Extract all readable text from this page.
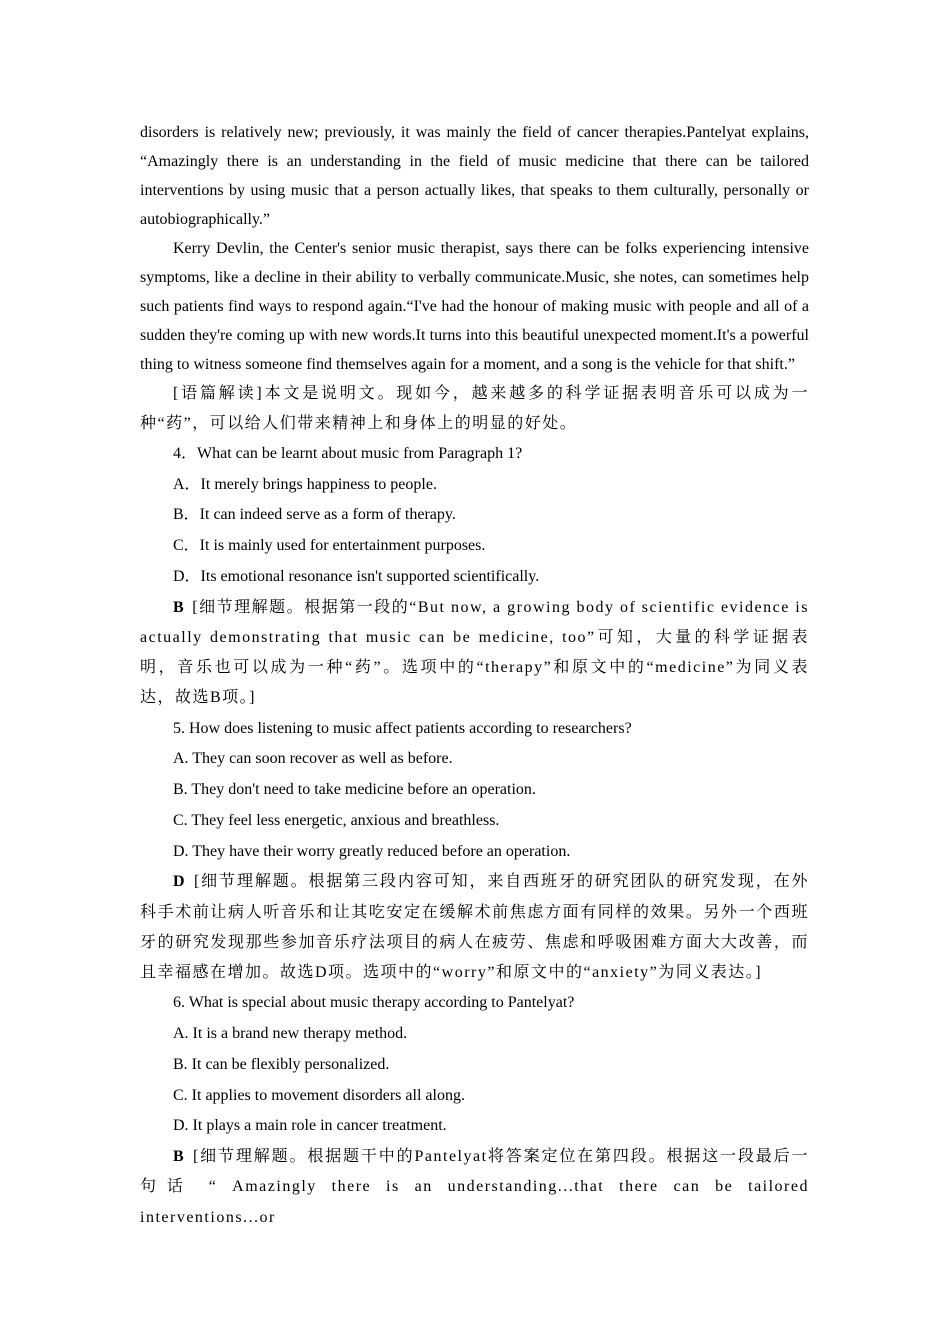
disorders is relatively new; previously, it was mainly the field of cancer therapies.Pantelyat explains, “Amazingly there is an understanding in the field of music medicine that there can be tailored interventions by using music that a person actually likes, that speaks to them culturally, personally or autobiographically.”

Kerry Devlin, the Center's senior music therapist, says there can be folks experiencing intensive symptoms, like a decline in their ability to verbally communicate.Music, she notes, can sometimes help such patients find ways to respond again.“I've had the honour of making music with people and all of a sudden they're coming up with new words.It turns into this beautiful unexpected moment.It's a powerful thing to witness someone find themselves again for a moment, and a song is the vehicle for that shift.”

[语篇解读]本文是说明文。现如今，越来越多的科学证据表明音乐可以成为一种“药”，可以给人们带来精神上和身体上的明显的好处。

4．What can be learnt about music from Paragraph 1?

A．It merely brings happiness to people.

B．It can indeed serve as a form of therapy.

C．It is mainly used for entertainment purposes.

D．Its emotional resonance isn't supported scientifically.

B [细节理解题。根据第一段的“But now, a growing body of scientific evidence is actually demonstrating that music can be medicine, too”可知，大量的科学证据表明，音乐也可以成为一种“药”。选项中的“therapy”和原文中的“medicine”为同义表达，故选B项。]

5. How does listening to music affect patients according to researchers?

A. They can soon recover as well as before.

B. They don't need to take medicine before an operation.

C. They feel less energetic, anxious and breathless.

D. They have their worry greatly reduced before an operation.

D [细节理解题。根据第三段内容可知，来自西班牙的研究团队的研究发现，在外科手术前让病人听音乐和让其吃安定在缓解术前焦虑方面有同样的效果。另外一个西班牙的研究发现那些参加音乐疗法项目的病人在疲劳、焦虑和呼吸困难方面大大改善，而且幸福感在增加。故选D项。选项中的“worry”和原文中的“anxiety”为同义表达。]

6. What is special about music therapy according to Pantelyat?

A. It is a brand new therapy method.

B. It can be flexibly personalized.

C. It applies to movement disorders all along.

D. It plays a main role in cancer treatment.

B [细节理解题。根据题干中的Pantelyat将答案定位在第四段。根据这一段最后一句话 “ Amazingly there is an understanding...that there can be tailored interventions...or
